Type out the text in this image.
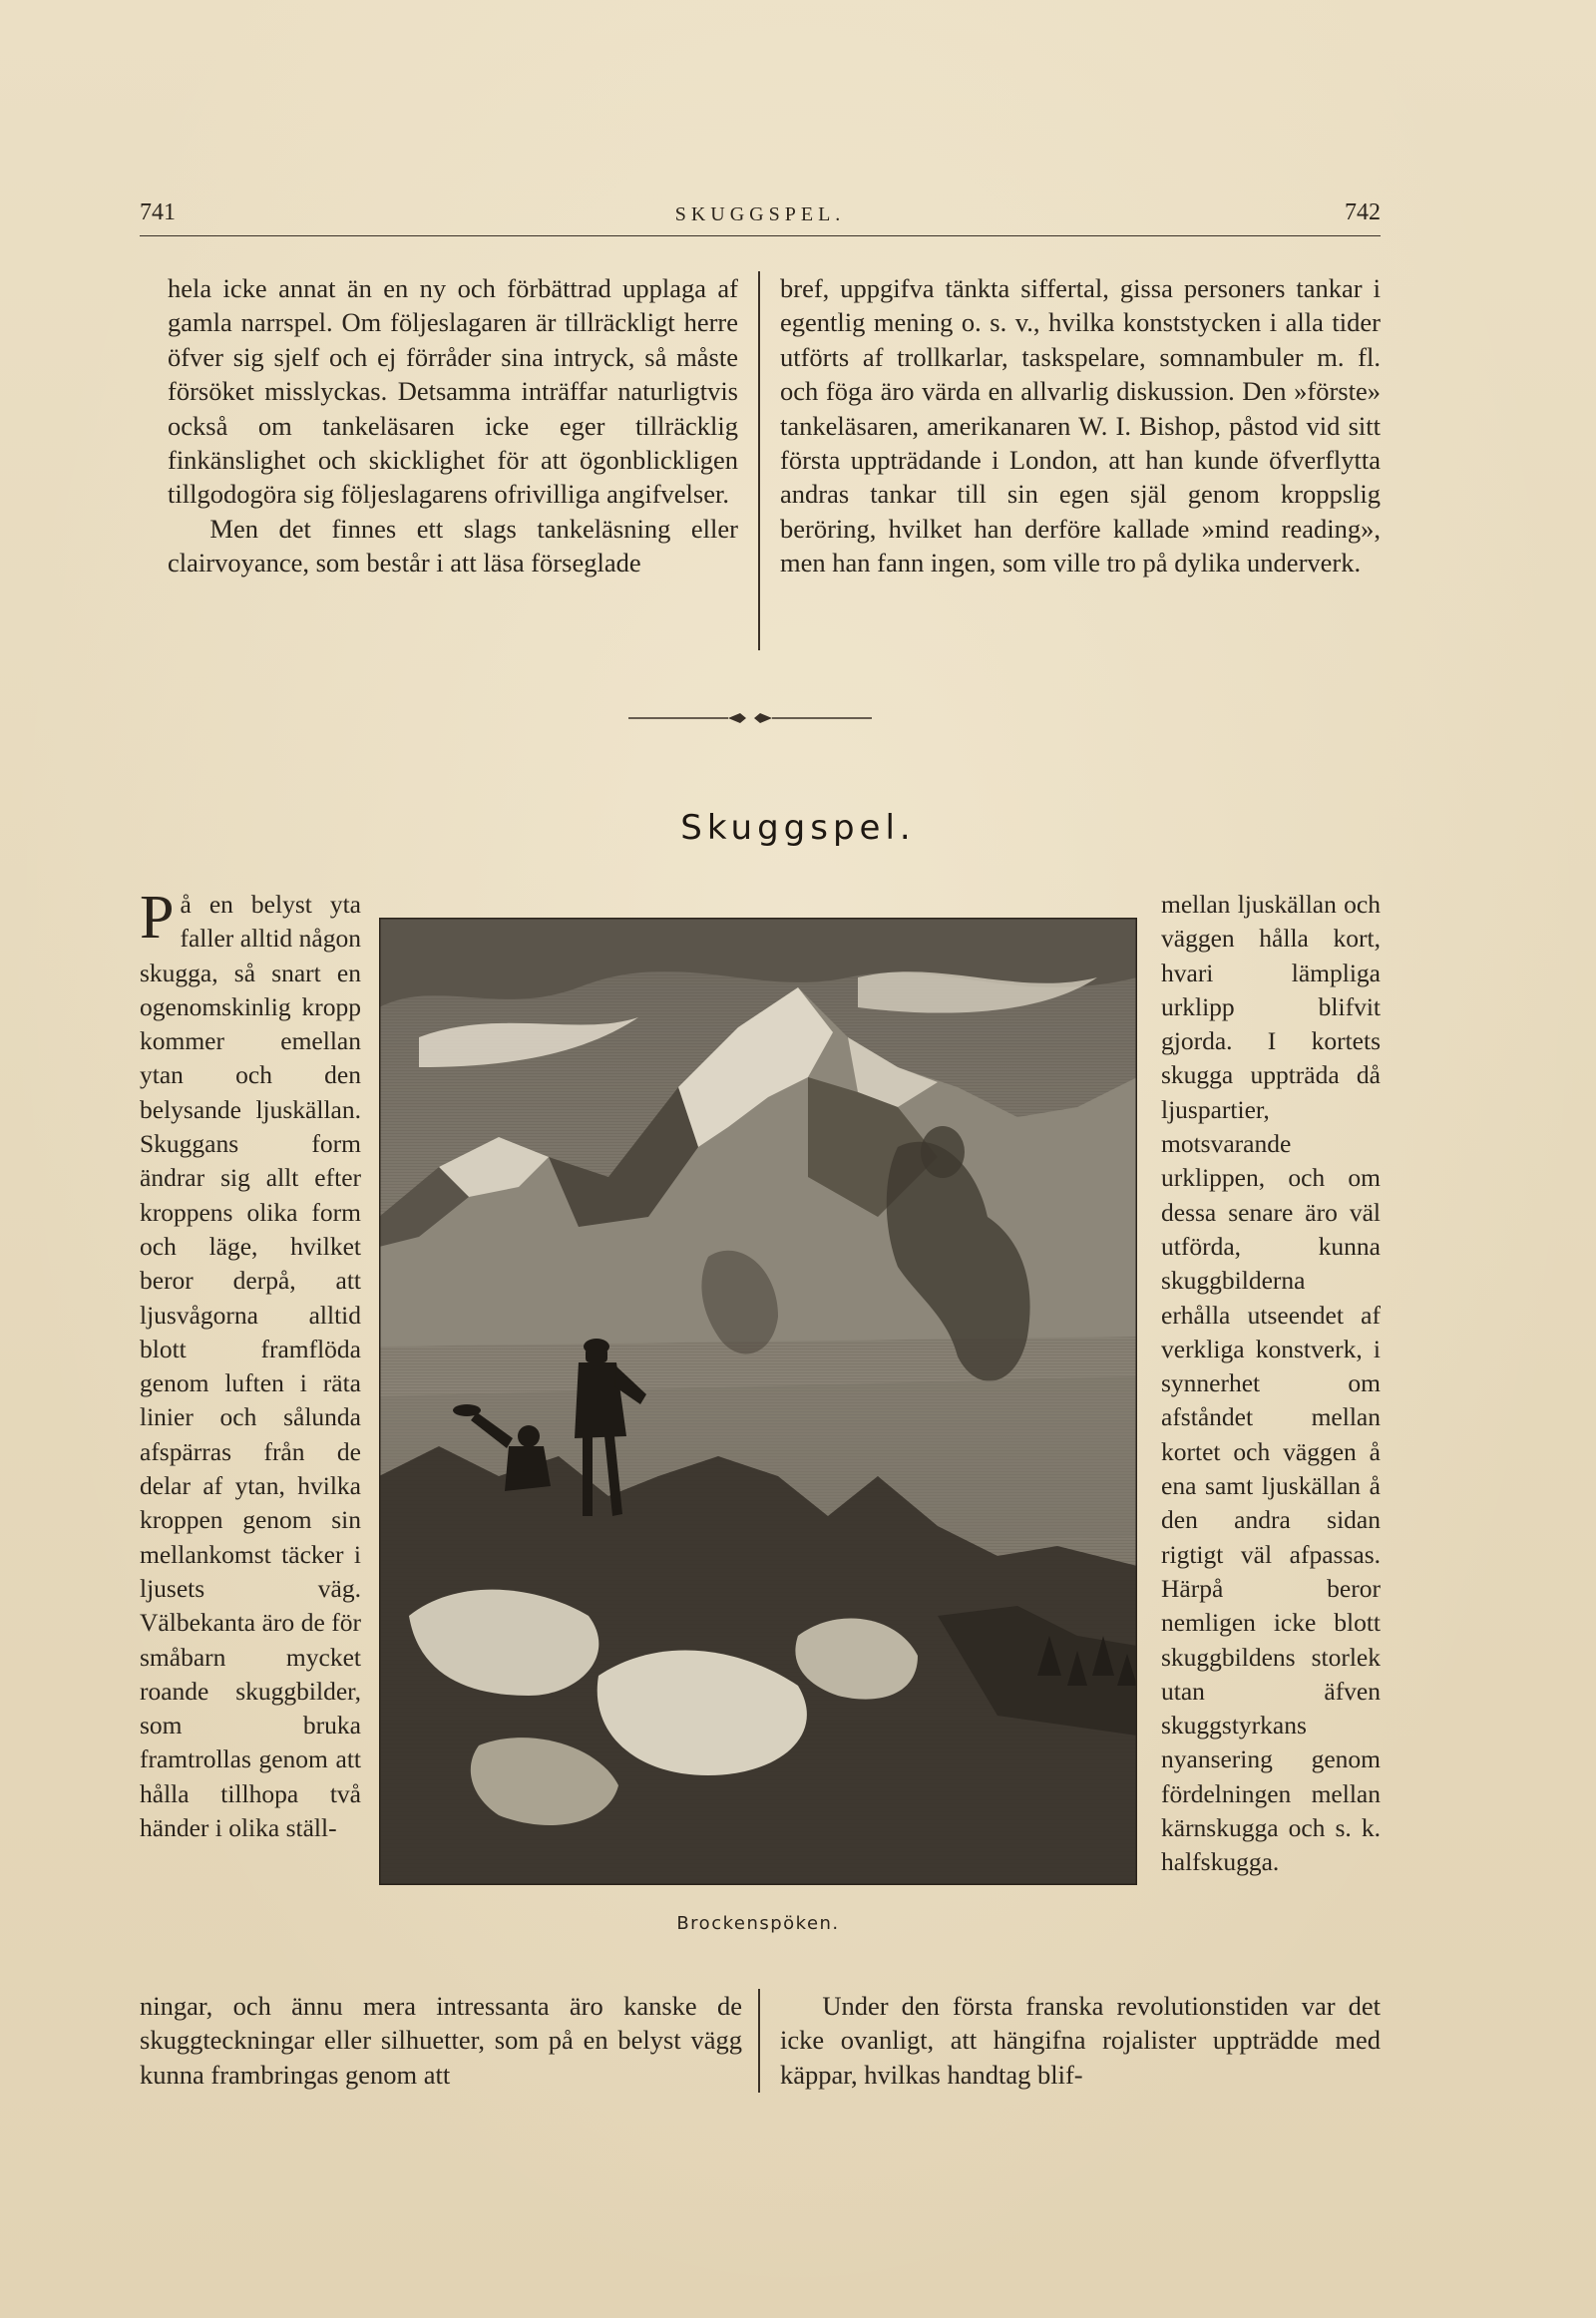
741	SKUGGSPEL.	742

hela icke annat än en ny och förbättrad upplaga af gamla narrspel. Om följeslagaren är tillräckligt herre öfver sig sjelf och ej förråder sina intryck, så måste försöket misslyckas. Detsamma inträffar naturligtvis också om tankeläsaren icke eger tillräcklig finkänslighet och skicklighet för att ögonblickligen tillgodogöra sig följeslagarens ofrivilliga angifvelser.

Men det finnes ett slags tankeläsning eller clairvoyance, som består i att läsa förseglade

bref, uppgifva tänkta siffertal, gissa personers tankar i egentlig mening o. s. v., hvilka konststycken i alla tider utförts af trollkarlar, taskspelare, somnambuler m. fl. och föga äro värda en allvarlig diskussion. Den »förste» tankeläsaren, amerikanaren W. I. Bishop, påstod vid sitt första uppträdande i London, att han kunde öfverflytta andras tankar till sin egen själ genom kroppslig beröring, hvilket han derföre kallade »mind reading», men han fann ingen, som ville tro på dylika underverk.

Skuggspel.
P å en belyst yta faller alltid någon skugga, så snart en ogenomskinlig kropp kommer emellan ytan och den belysande ljuskällan. Skuggans form ändrar sig allt efter kroppens olika form och läge, hvilket beror derpå, att ljusvågorna alltid blott framflöda genom luften i räta linier och sålunda afspärras från de delar af ytan, hvilka kroppen genom sin mellankomst täcker i ljusets väg. Välbekanta äro de för småbarn mycket roande skuggbilder, som bruka framtrollas genom att hålla tillhopa två händer i olika ställ-
Brockenspöken.
mellan ljuskällan och väggen hålla kort, hvari lämpliga urklipp blifvit gjorda. I kortets skugga uppträda då ljuspartier, motsvarande urklippen, och om dessa senare äro väl utförda, kunna skuggbilderna erhålla utseendet af verkliga konstverk, i synnerhet om afståndet mellan kortet och väggen å ena samt ljuskällan å den andra sidan rigtigt väl afpassas. Härpå beror nemligen icke blott skuggbildens storlek utan äfven skuggstyrkans nyansering genom fördelningen mellan kärnskugga och s. k. halfskugga.

ningar, och ännu mera intressanta äro kanske de skuggteckningar eller silhuetter, som på en belyst vägg kunna frambringas genom att

Under den första franska revolutionstiden var det icke ovanligt, att hängifna rojalister uppträdde med käppar, hvilkas handtag blif-
